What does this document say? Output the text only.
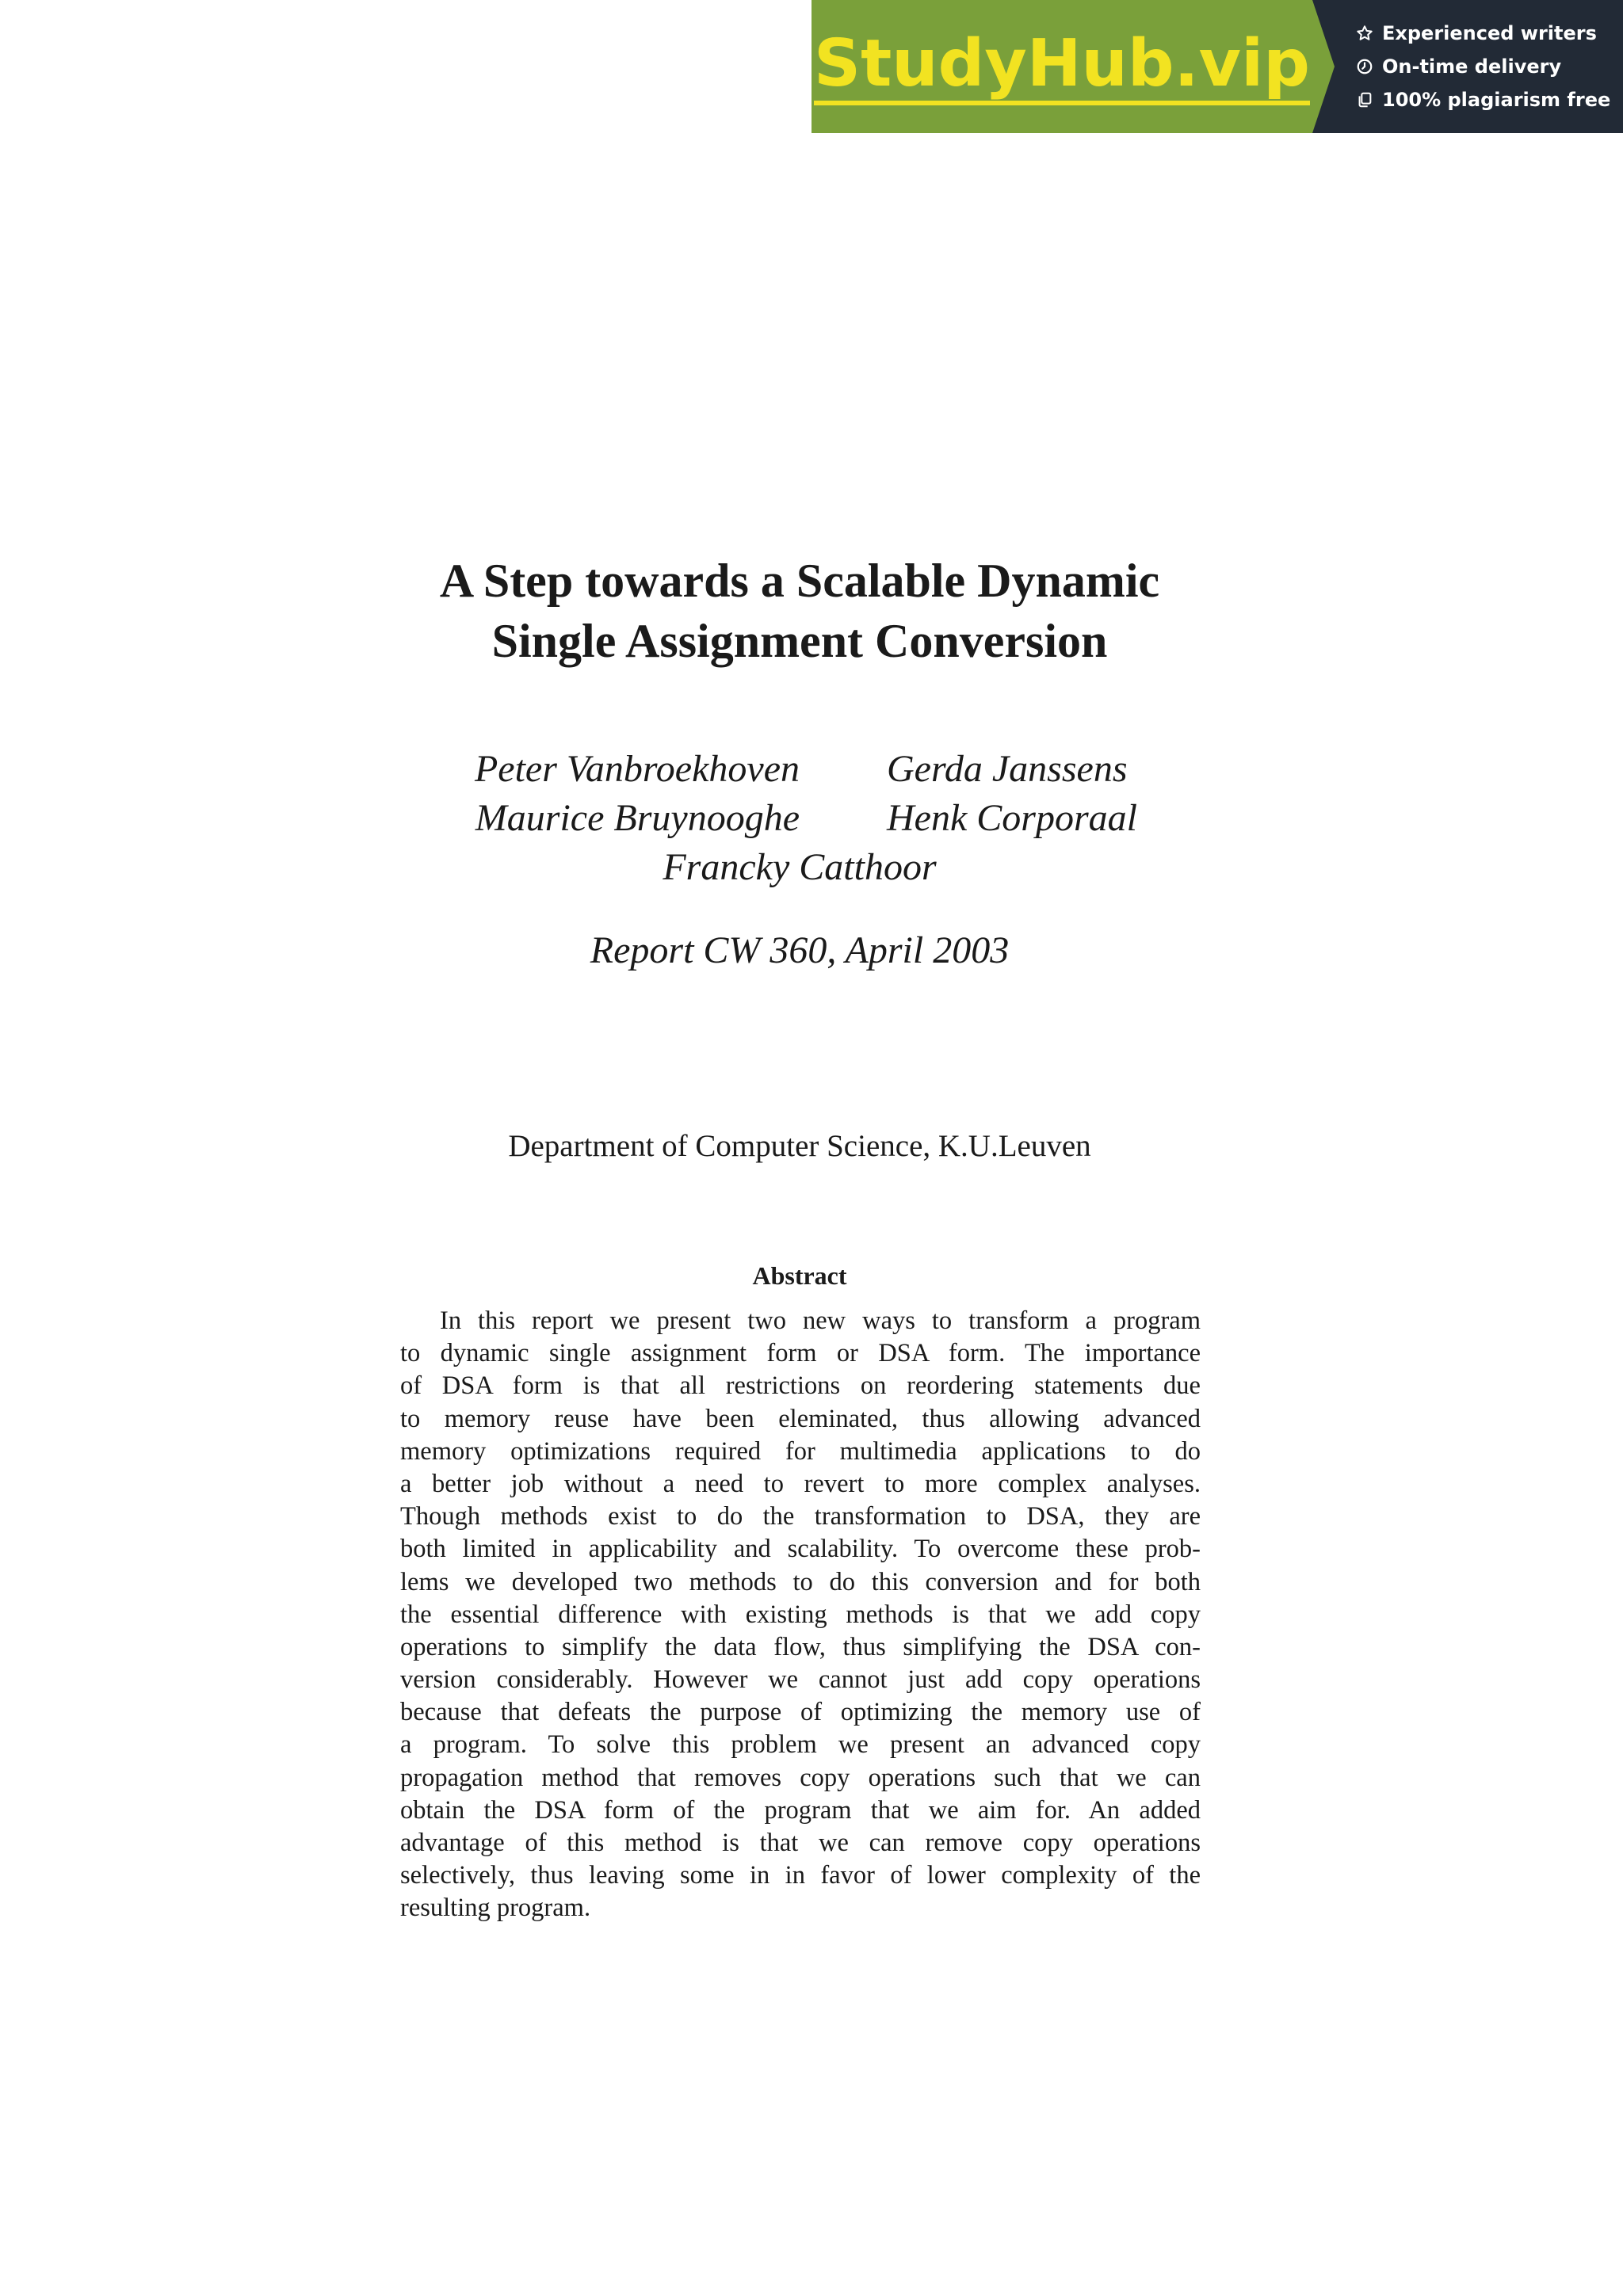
StudyHub.vip	Experienced writers
On-time delivery
100% plagiarism free
A Step towards a Scalable Dynamic
Single Assignment Conversion
Peter Vanbroekhoven Gerda Janssens
Maurice Bruynooghe Henk Corporaal
Francky Catthoor
Report CW 360, April 2003
Department of Computer Science, K.U.Leuven
Abstract
In this report we present two new ways to transform a program
to dynamic single assignment form or DSA form. The importance
of DSA form is that all restrictions on reordering statements due
to memory reuse have been eleminated, thus allowing advanced
memory optimizations required for multimedia applications to do
a better job without a need to revert to more complex analyses.
Though methods exist to do the transformation to DSA, they are
both limited in applicability and scalability. To overcome these prob-
lems we developed two methods to do this conversion and for both
the essential difference with existing methods is that we add copy
operations to simplify the data flow, thus simplifying the DSA con-
version considerably. However we cannot just add copy operations
because that defeats the purpose of optimizing the memory use of
a program. To solve this problem we present an advanced copy
propagation method that removes copy operations such that we can
obtain the DSA form of the program that we aim for. An added
advantage of this method is that we can remove copy operations
selectively, thus leaving some in in favor of lower complexity of the
resulting program.
